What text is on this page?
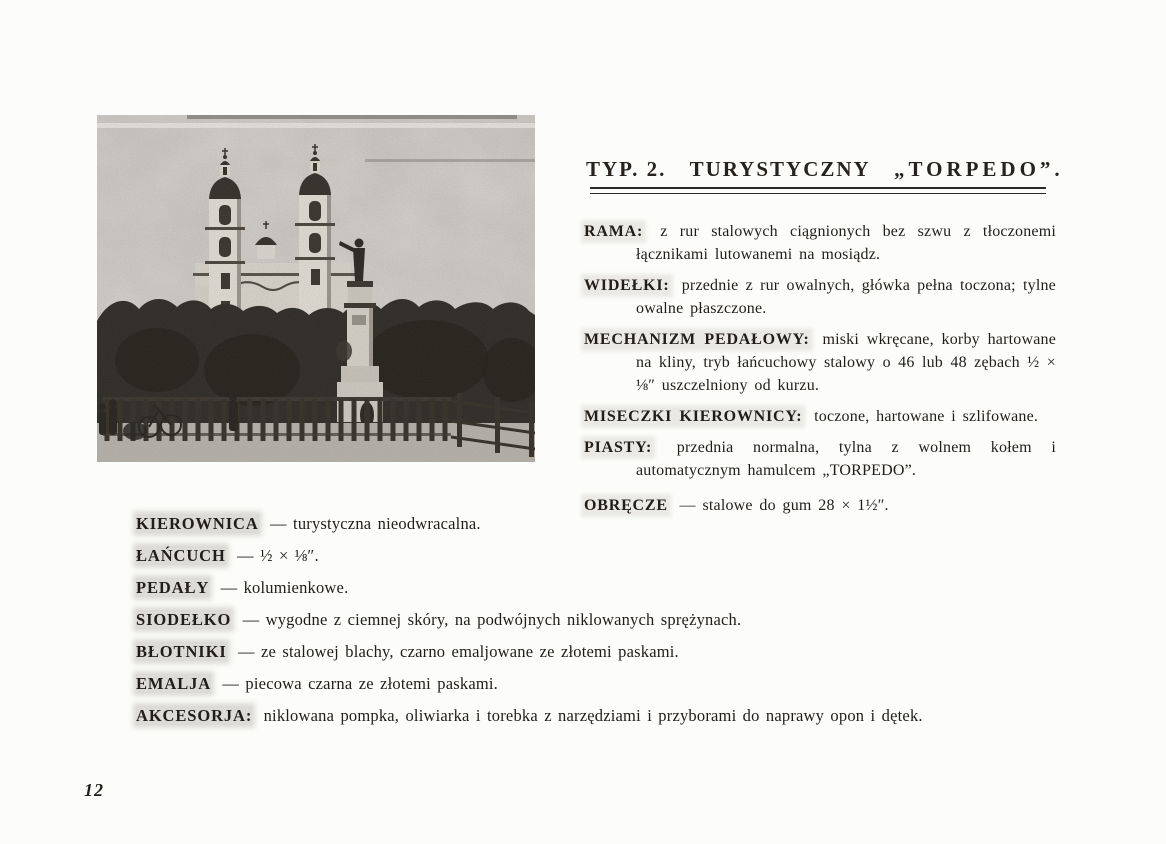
TYP. 2. TURYSTYCZNY „TORPEDO”.

RAMA: z rur stalowych ciągnionych bez szwu z tłoczonemi łącznikami lutowanemi na mosiądz.

WIDEŁKI: przednie z rur owalnych, główka pełna toczona; tylne owalne płaszczone.

MECHANIZM PEDAŁOWY: miski wkręcane, korby hartowane na kliny, tryb łańcuchowy stalowy o 46 lub 48 zębach ½ × ⅛″ uszczelniony od kurzu.

MISECZKI KIEROWNICY: toczone, hartowane i szlifowane.

PIASTY: przednia normalna, tylna z wolnem kołem i automatycznym hamulcem „TORPEDO”.

OBRĘCZE — stalowe do gum 28 × 1½″.

KIEROWNICA — turystyczna nieodwracalna.

ŁAŃCUCH — ½ × ⅛″.

PEDAŁY — kolumienkowe.

SIODEŁKO — wygodne z ciemnej skóry, na podwójnych niklowanych sprężynach.

BŁOTNIKI — ze stalowej blachy, czarno emaljowane ze złotemi paskami.

EMALJA — piecowa czarna ze złotemi paskami.

AKCESORJA: niklowana pompka, oliwiarka i torebka z narzędziami i przyborami do naprawy opon i dętek.

12
